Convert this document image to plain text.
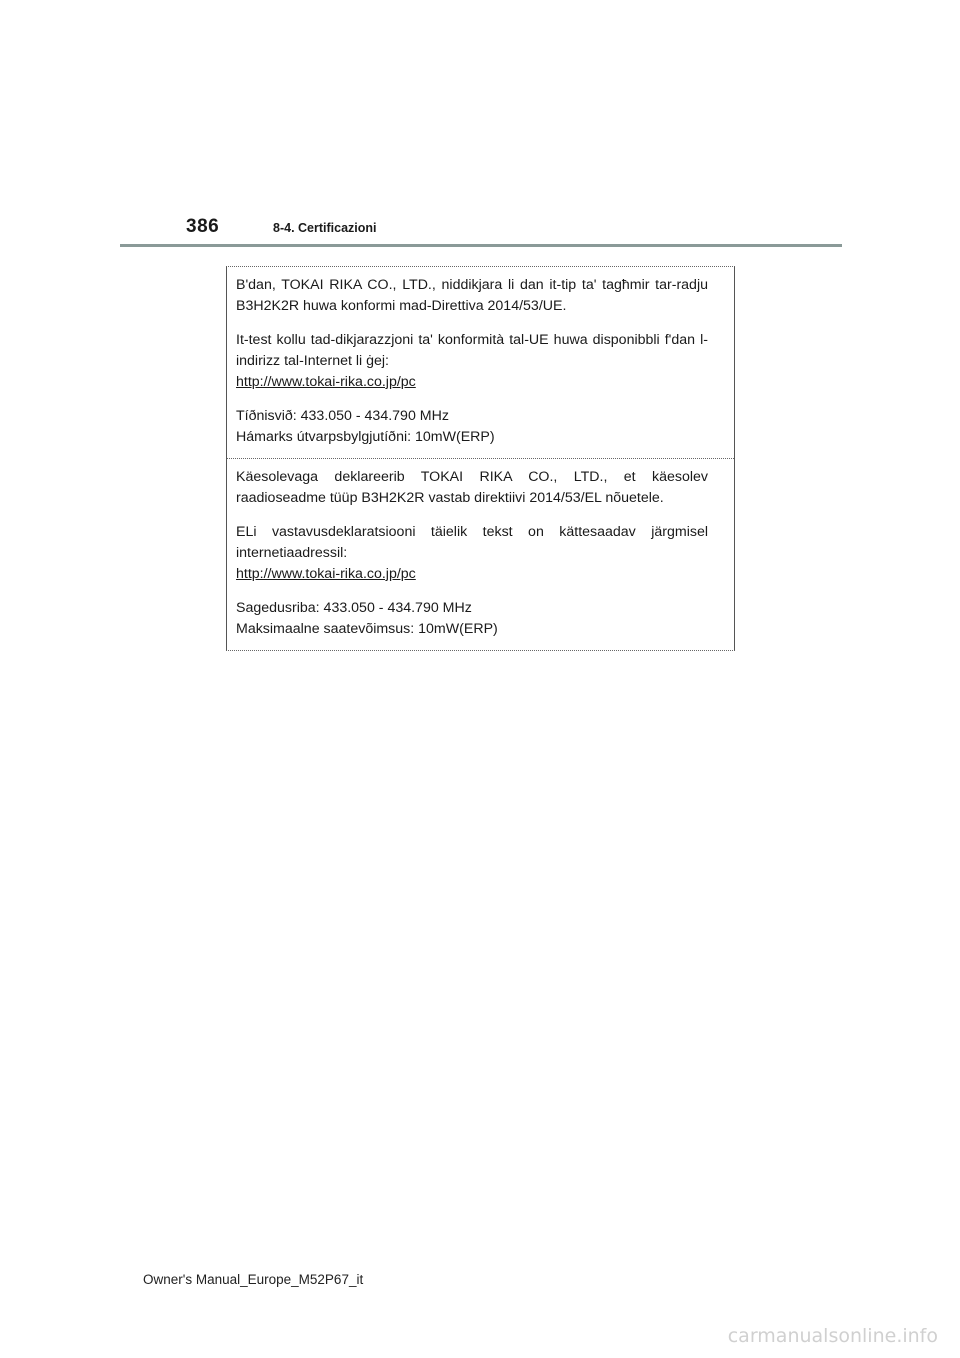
386	8-4. Certificazioni

B'dan, TOKAI RIKA CO., LTD., niddikjara li dan it-tip ta' tagħmir tar-radju B3H2K2R huwa konformi mad-Direttiva 2014/53/UE.

It-test kollu tad-dikjarazzjoni ta' konformità tal-UE huwa disponibbli f'dan l-indirizz tal-Internet li ġej:

http://www.tokai-rika.co.jp/pc

Tíðnisvið: 433.050 - 434.790 MHz

Hámarks útvarpsbylgjutíðni: 10mW(ERP)

Käesolevaga deklareerib TOKAI RIKA CO., LTD., et käesolev raadioseadme tüüp B3H2K2R vastab direktiivi 2014/53/EL nõuetele.

ELi vastavusdeklaratsiooni täielik tekst on kättesaadav järgmisel internetiaadressil:

http://www.tokai-rika.co.jp/pc

Sagedusriba: 433.050 - 434.790 MHz

Maksimaalne saatevõimsus: 10mW(ERP)

Owner's Manual_Europe_M52P67_it
carmanualsonline.info
